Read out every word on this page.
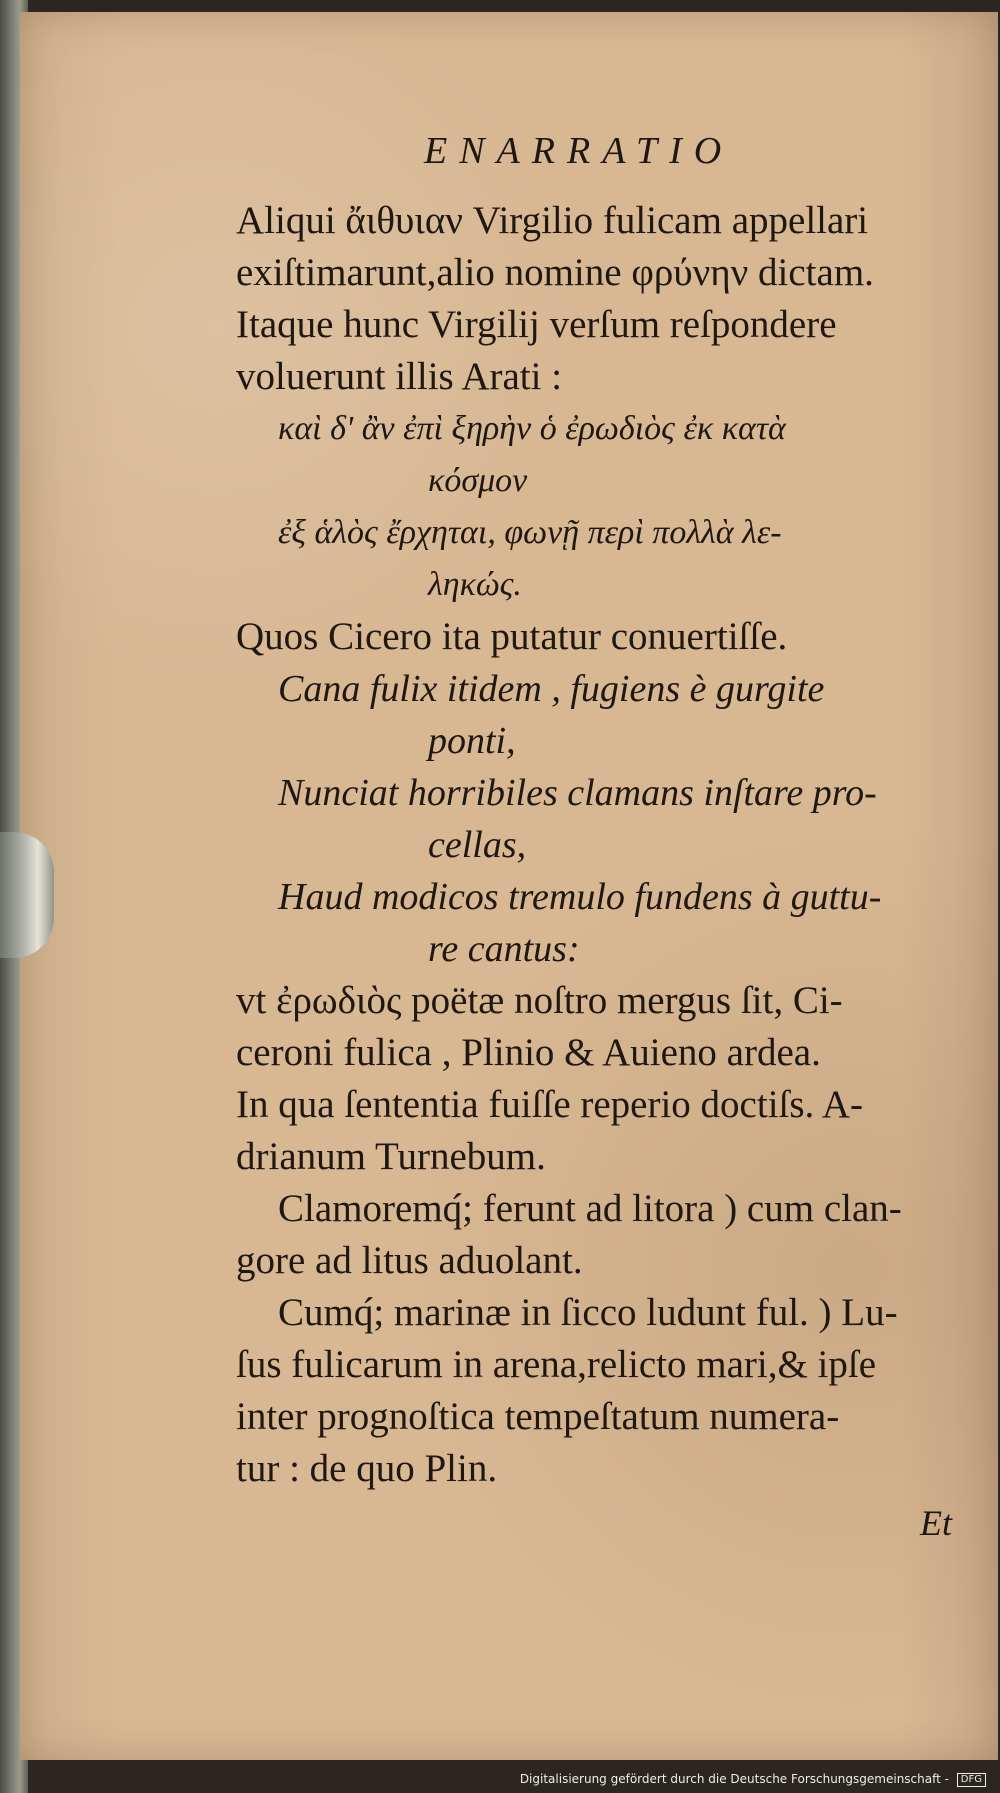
ENARRATIO
Aliqui ἄιθυιαν Virgilio fulicam appellari
exiſtimarunt,alio nomine φρύνην dictam.
Itaque hunc Virgilij verſum reſpondere
voluerunt illis Arati :
καὶ δ' ἂν ἐπὶ ξηρὴν ὁ ἐρωδιὸς ἐκ κατὰ
κόσμον
ἐξ ἁλὸς ἔρχηται, φωνῇ περὶ πολλὰ λε-
ληκώς.
Quos Cicero ita putatur conuertiſſe.
Cana fulix itidem , fugiens è gurgite
ponti,
Nunciat horribiles clamans inſtare pro-
cellas,
Haud modicos tremulo fundens à guttu-
re cantus:
vt ἐρωδιὸς poëtæ noſtro mergus ſit, Ci-
ceroni fulica , Plinio & Auieno ardea.
In qua ſententia fuiſſe reperio doctiſs. A-
drianum Turnebum.
Clamoremq́; ferunt ad litora ) cum clan-
gore ad litus aduolant.
Cumq́; marinæ in ſicco ludunt ful. ) Lu-
ſus fulicarum in arena,relicto mari,& ipſe
inter prognoſtica tempeſtatum numera-
tur : de quo Plin.
Et
Digitalisierung gefördert durch die Deutsche Forschungsgemeinschaft - DFG
